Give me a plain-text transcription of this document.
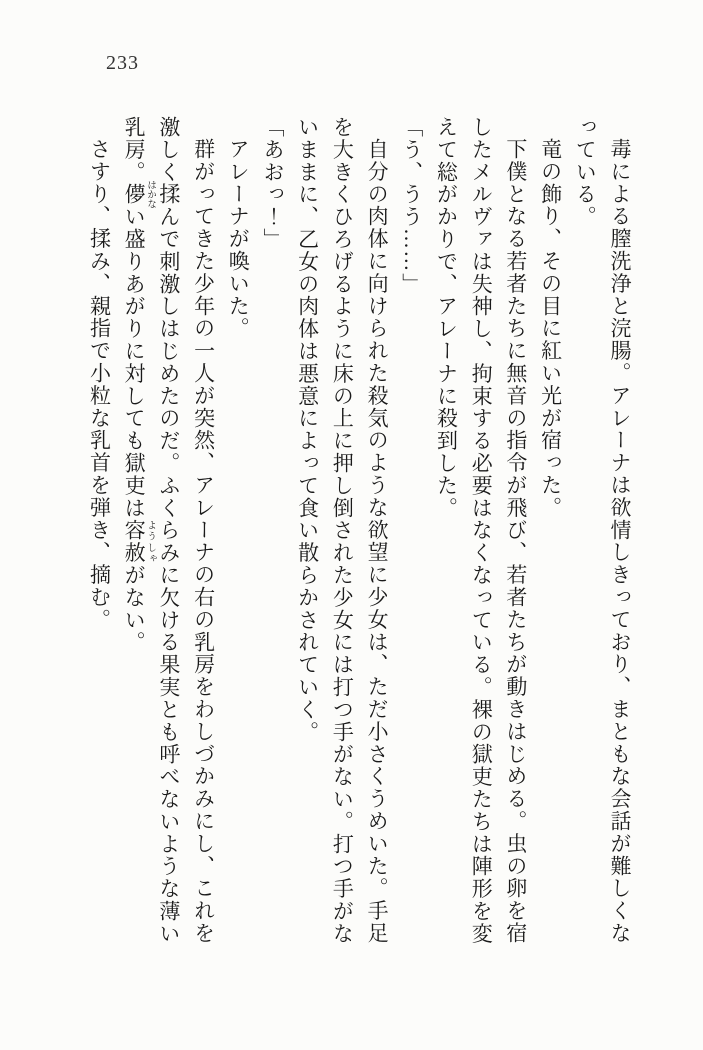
233

毒による膣洗浄と浣腸。アレーナは欲情しきっており、まともな会話が難しくなっている。

竜の飾り、その目に紅い光が宿った。

下僕となる若者たちに無音の指令が飛び、若者たちが動きはじめる。虫の卵を宿したメルヴァは失神し、拘束する必要はなくなっている。裸の獄吏たちは陣形を変えて総がかりで、アレーナに殺到した。

「う、うう……」

自分の肉体に向けられた殺気のような欲望に少女は、ただ小さくうめいた。手足を大きくひろげるように床の上に押し倒された少女には打つ手がない。打つ手がないままに、乙女の肉体は悪意によって食い散らかされていく。

「あおっ！」

アレーナが喚いた。

群がってきた少年の一人が突然、アレーナの右の乳房をわしづかみにし、これを激しく揉んで刺激しはじめたのだ。ふくらみに欠ける果実とも呼べないような薄い乳房。儚 はかない盛りあがりに対しても獄吏は容赦 ようしゃがない。

さすり、揉み、親指で小粒な乳首を弾き、摘む。
